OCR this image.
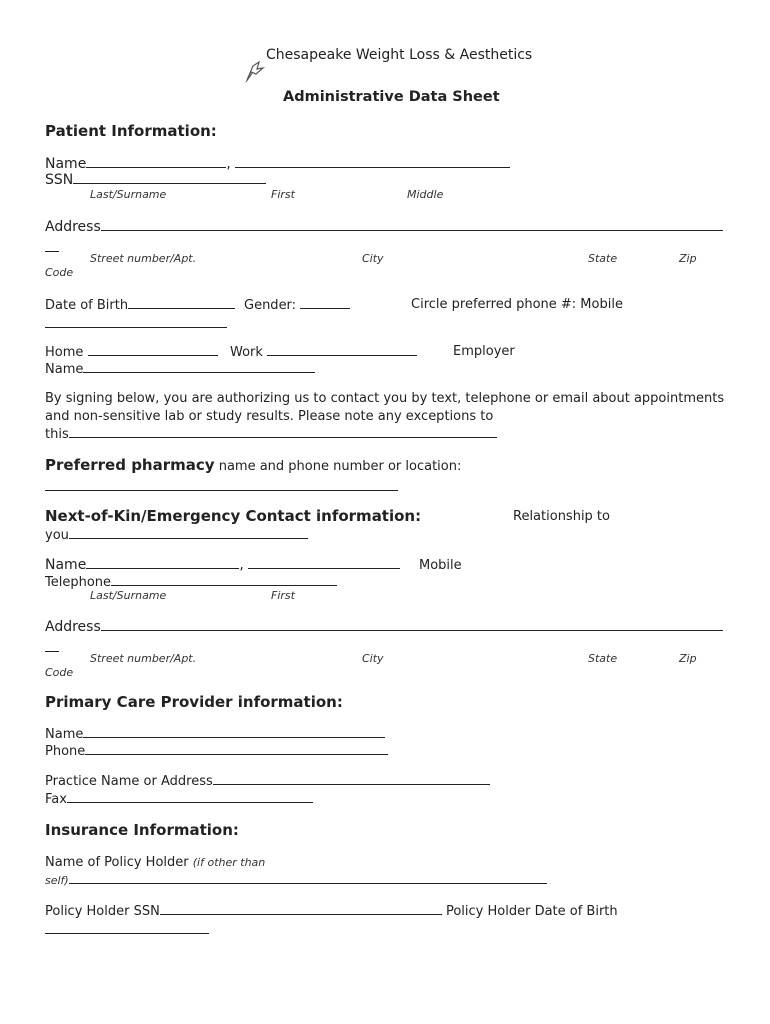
Chesapeake Weight Loss & Aesthetics
Administrative Data Sheet
Patient Information:
Name	,
SSN
Last/Surname	First	Middle
Address
Street number/Apt.	City	State	Zip
Code
Date of Birth	Gender:	Circle preferred phone #: Mobile
Home	Work	Employer
Name
By signing below, you are authorizing us to contact you by text, telephone or email about appointments
and non-sensitive lab or study results. Please note any exceptions to
this
Preferred pharmacy name and phone number or location:
Next-of-Kin/Emergency Contact information:	Relationship to
you
Name	,	Mobile
Telephone
Last/Surname	First
Address
Street number/Apt.	City	State	Zip
Code
Primary Care Provider information:
Name
Phone
Practice Name or Address
Fax
Insurance Information:
Name of Policy Holder (if other than
self)
Policy Holder SSN	Policy Holder Date of Birth
